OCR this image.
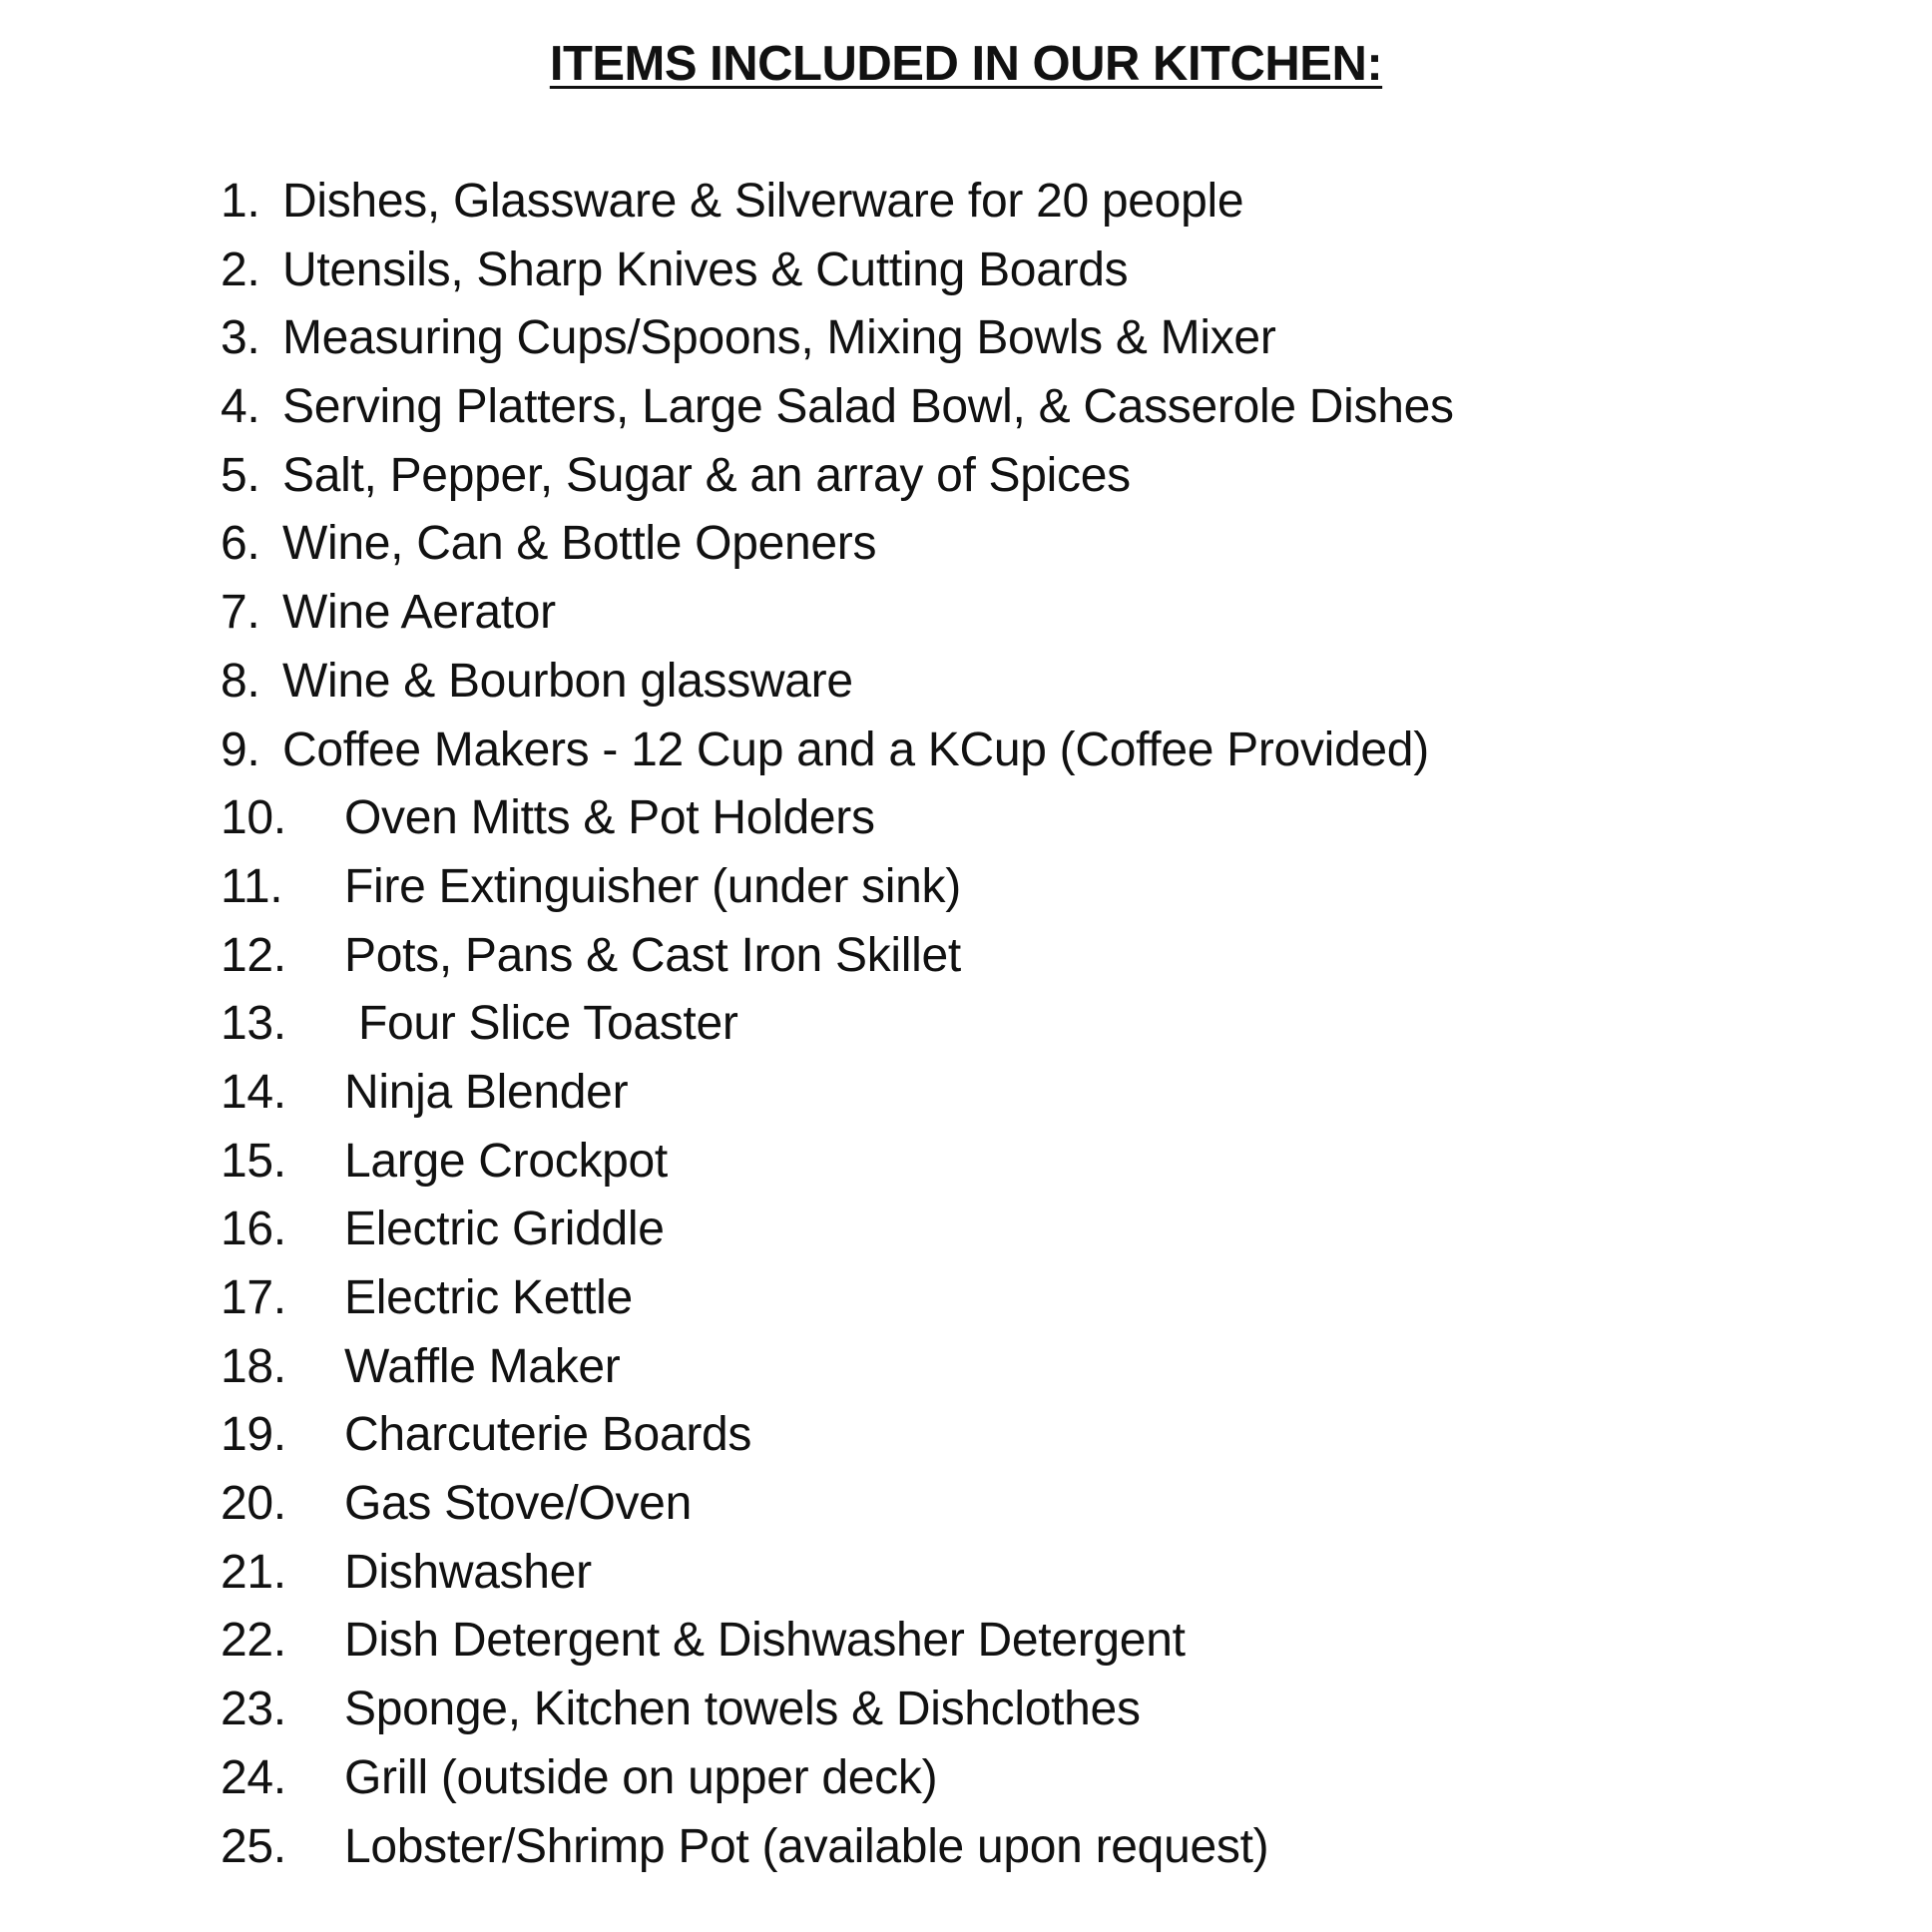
ITEMS INCLUDED IN OUR KITCHEN:
1. Dishes, Glassware & Silverware for 20 people
2. Utensils, Sharp Knives & Cutting Boards
3. Measuring Cups/Spoons, Mixing Bowls & Mixer
4. Serving Platters, Large Salad Bowl, & Casserole Dishes
5. Salt, Pepper, Sugar & an array of Spices
6. Wine, Can & Bottle Openers
7. Wine Aerator
8. Wine & Bourbon glassware
9. Coffee Makers - 12 Cup and a KCup (Coffee Provided)
10. Oven Mitts & Pot Holders
11. Fire Extinguisher (under sink)
12. Pots, Pans & Cast Iron Skillet
13. Four Slice Toaster
14. Ninja Blender
15. Large Crockpot
16. Electric Griddle
17. Electric Kettle
18. Waffle Maker
19. Charcuterie Boards
20. Gas Stove/Oven
21. Dishwasher
22. Dish Detergent & Dishwasher Detergent
23. Sponge, Kitchen towels & Dishclothes
24. Grill (outside on upper deck)
25. Lobster/Shrimp Pot (available upon request)
